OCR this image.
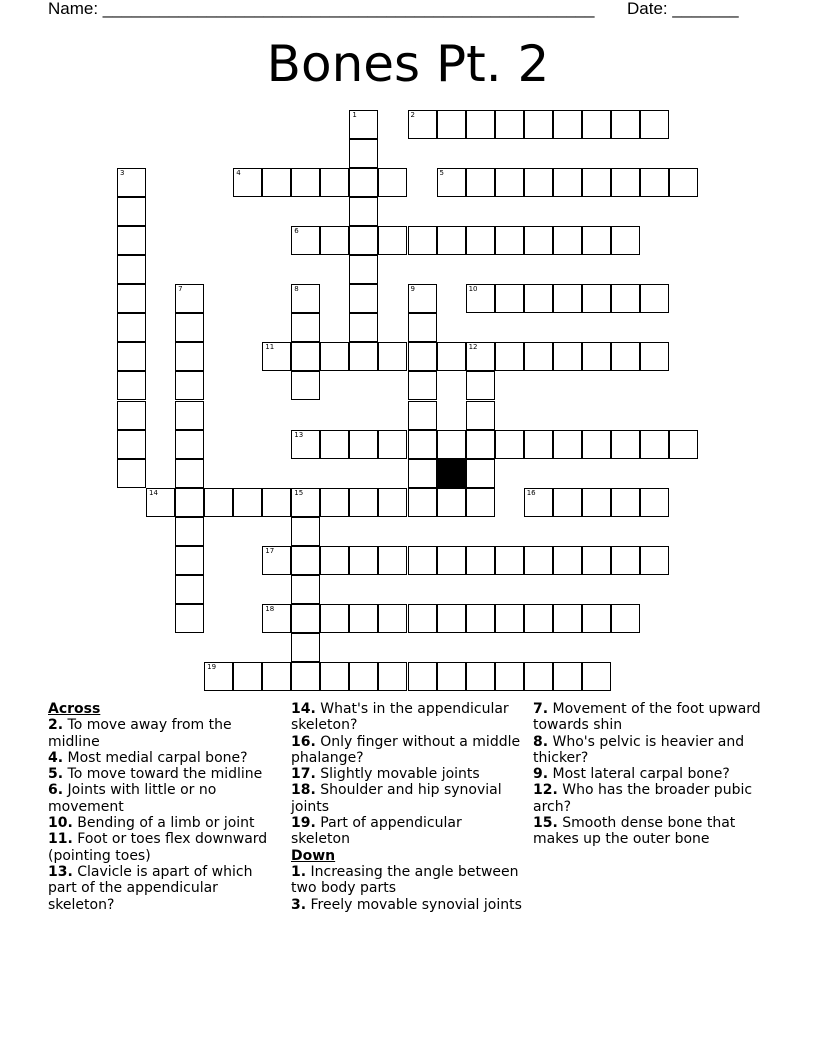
Name: ____________________________________________________ Date: _______
Bones Pt. 2
1	2
3	4	5
6
7	8	9	10
11	12
13
14	15	16
17
18
19
Across
2. To move away from the midline
4. Most medial carpal bone?
5. To move toward the midline
6. Joints with little or no movement
10. Bending of a limb or joint
11. Foot or toes flex downward (pointing toes)
13. Clavicle is apart of which part of the appendicular skeleton?
14. What's in the appendicular skeleton?
16. Only finger without a middle phalange?
17. Slightly movable joints
18. Shoulder and hip synovial joints
19. Part of appendicular skeleton
Down
1. Increasing the angle between two body parts
3. Freely movable synovial joints
7. Movement of the foot upward towards shin
8. Who's pelvic is heavier and thicker?
9. Most lateral carpal bone?
12. Who has the broader pubic arch?
15. Smooth dense bone that makes up the outer bone
